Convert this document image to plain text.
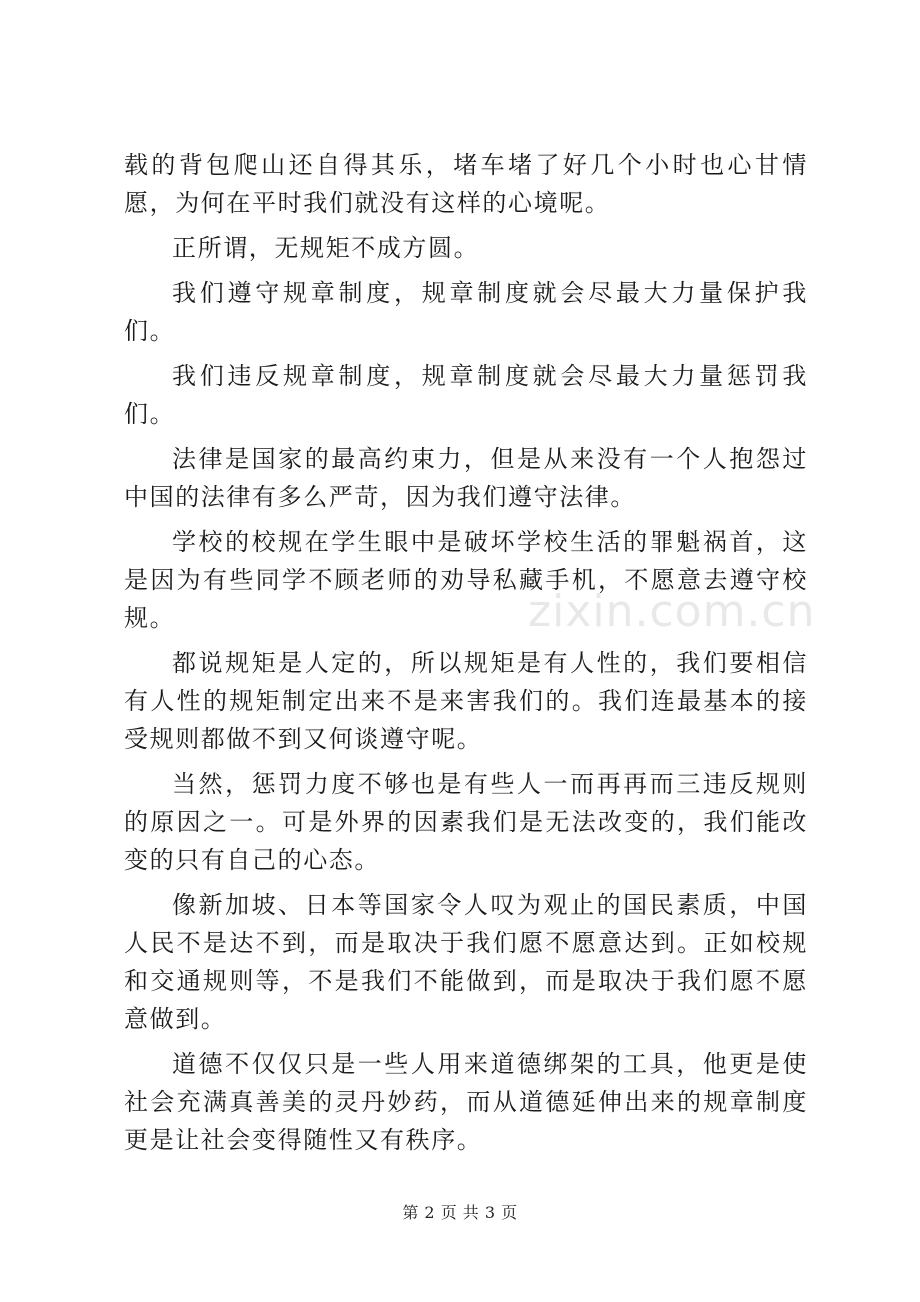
载的背包爬山还自得其乐，堵车堵了好几个小时也心甘情愿，为何在平时我们就没有这样的心境呢。

正所谓，无规矩不成方圆。

我们遵守规章制度，规章制度就会尽最大力量保护我们。

我们违反规章制度，规章制度就会尽最大力量惩罚我们。

法律是国家的最高约束力，但是从来没有一个人抱怨过中国的法律有多么严苛，因为我们遵守法律。

学校的校规在学生眼中是破坏学校生活的罪魁祸首，这是因为有些同学不顾老师的劝导私藏手机，不愿意去遵守校规。

都说规矩是人定的，所以规矩是有人性的，我们要相信有人性的规矩制定出来不是来害我们的。我们连最基本的接受规则都做不到又何谈遵守呢。

当然，惩罚力度不够也是有些人一而再再而三违反规则的原因之一。可是外界的因素我们是无法改变的，我们能改变的只有自己的心态。

像新加坡、日本等国家令人叹为观止的国民素质，中国人民不是达不到，而是取决于我们愿不愿意达到。正如校规和交通规则等，不是我们不能做到，而是取决于我们愿不愿意做到。

道德不仅仅只是一些人用来道德绑架的工具，他更是使社会充满真善美的灵丹妙药，而从道德延伸出来的规章制度更是让社会变得随性又有秩序。

zixin.com.cn
第 2 页 共 3 页
